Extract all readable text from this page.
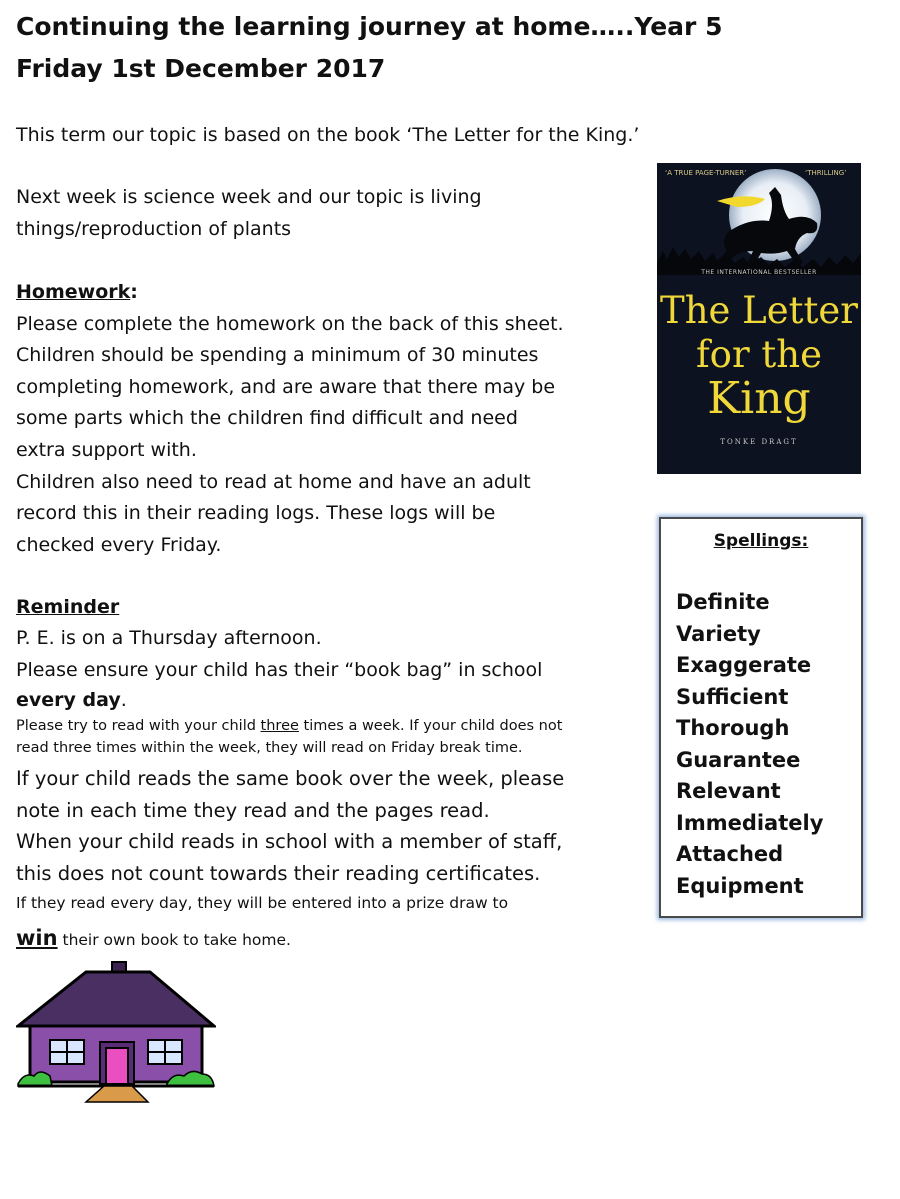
Continuing the learning journey at home…..Year 5
Friday 1st December 2017
This term our topic is based on the book ‘The Letter for the King.’
Next week is science week and our topic is living
things/reproduction of plants
Homework:
Please complete the homework on the back of this sheet.
Children should be spending a minimum of 30 minutes
completing homework, and are aware that there may be
some parts which the children find difficult and need
extra support with.
Children also need to read at home and have an adult
record this in their reading logs. These logs will be
checked every Friday.
Reminder
P. E. is on a Thursday afternoon.
Please ensure your child has their “book bag” in school
every day.
Please try to read with your child three times a week. If your child does not
read three times within the week, they will read on Friday break time.
If your child reads the same book over the week, please
note in each time they read and the pages read.
When your child reads in school with a member of staff,
this does not count towards their reading certificates.
If they read every day, they will be entered into a prize draw to
win their own book to take home.
‘A TRUE PAGE-TURNER’	‘THRILLING’
THE INTERNATIONAL BESTSELLER
The Letter
for the
King
TONKE DRAGT
Spellings:
Definite
Variety
Exaggerate
Sufficient
Thorough
Guarantee
Relevant
Immediately
Attached
Equipment
